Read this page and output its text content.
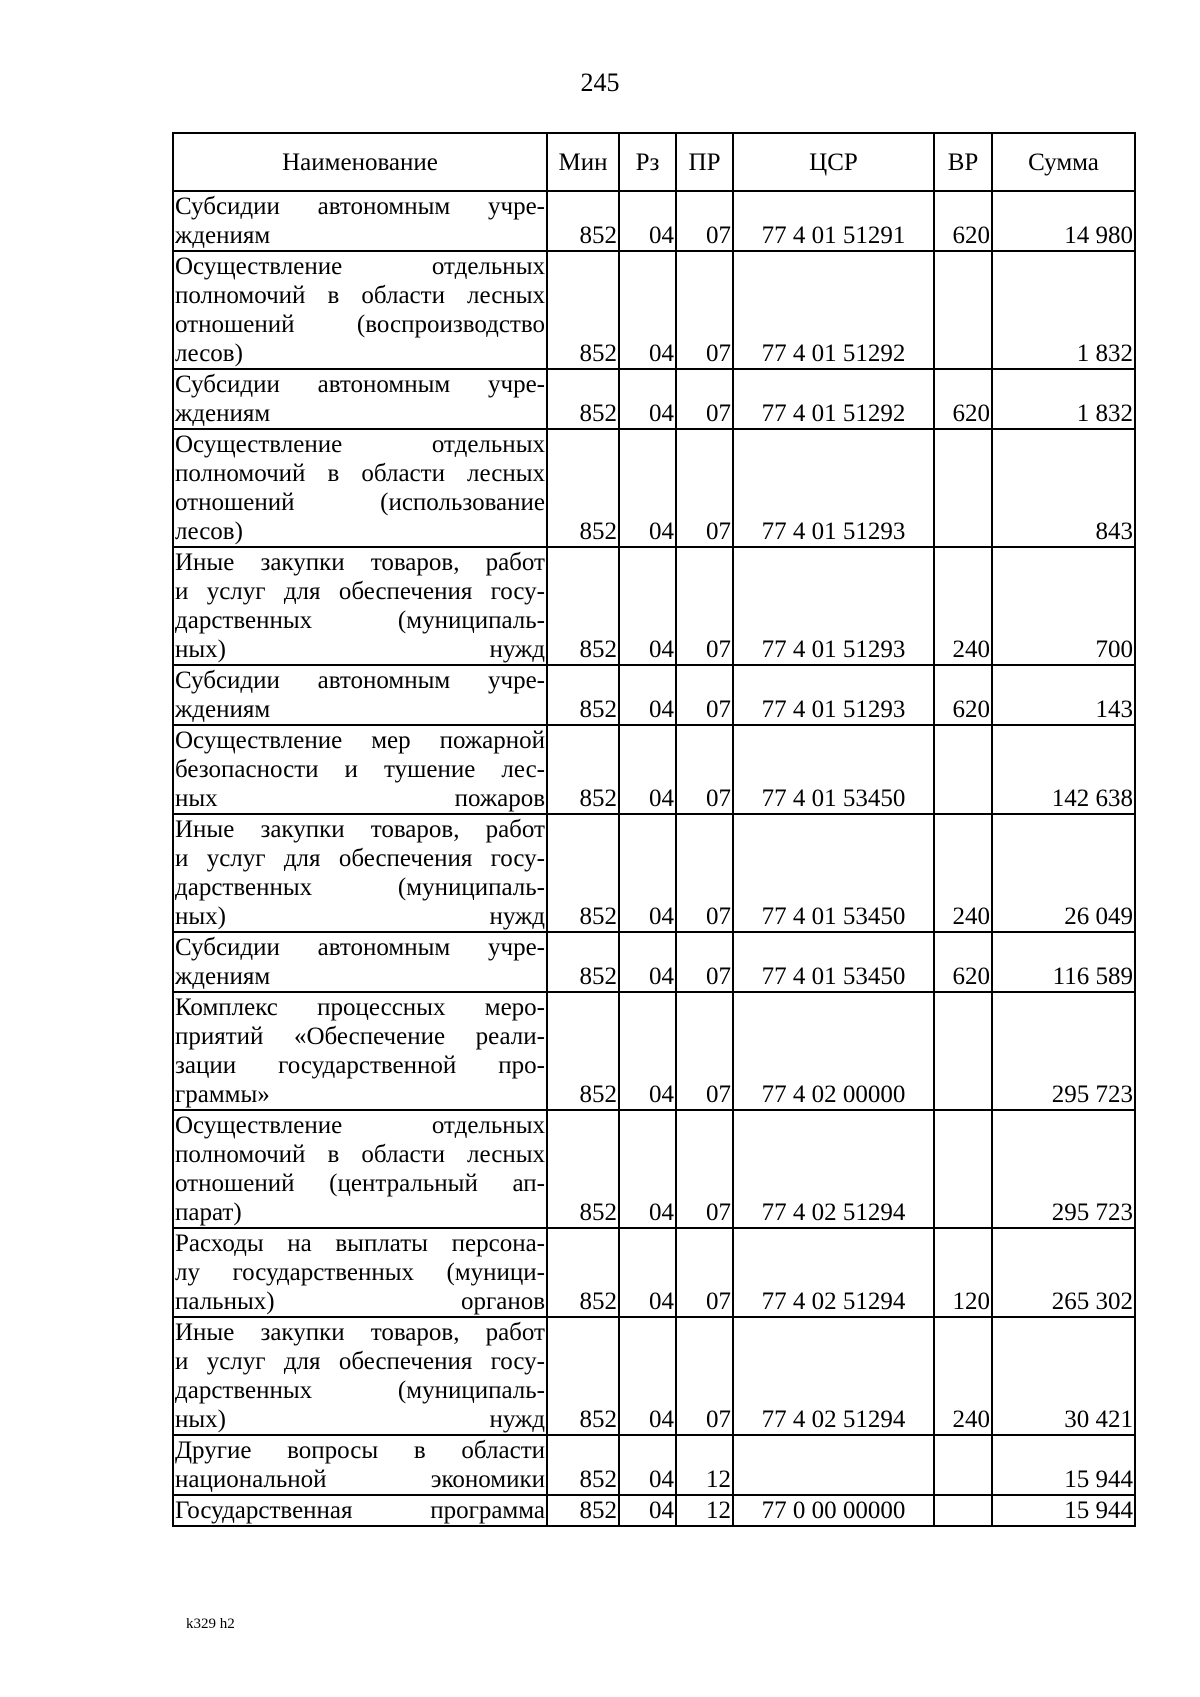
245
Наименование	Мин	Рз	ПР	ЦСР	ВР	Сумма
Субсидии автономным учре-
ждениям	852	04	07	77 4 01 51291	620	14 980
Осуществление отдельных
полномочий в области лесных
отношений (воспроизводство
лесов)	852	04	07	77 4 01 51292		1 832
Субсидии автономным учре-
ждениям	852	04	07	77 4 01 51292	620	1 832
Осуществление отдельных
полномочий в области лесных
отношений (использование
лесов)	852	04	07	77 4 01 51293		843
Иные закупки товаров, работ
и услуг для обеспечения госу-
дарственных (муниципаль-
ных) нужд	852	04	07	77 4 01 51293	240	700
Субсидии автономным учре-
ждениям	852	04	07	77 4 01 51293	620	143
Осуществление мер пожарной
безопасности и тушение лес-
ных пожаров	852	04	07	77 4 01 53450		142 638
Иные закупки товаров, работ
и услуг для обеспечения госу-
дарственных (муниципаль-
ных) нужд	852	04	07	77 4 01 53450	240	26 049
Субсидии автономным учре-
ждениям	852	04	07	77 4 01 53450	620	116 589
Комплекс процессных меро-
приятий «Обеспечение реали-
зации государственной про-
граммы»	852	04	07	77 4 02 00000		295 723
Осуществление отдельных
полномочий в области лесных
отношений (центральный ап-
парат)	852	04	07	77 4 02 51294		295 723
Расходы на выплаты персона-
лу государственных (муници-
пальных) органов	852	04	07	77 4 02 51294	120	265 302
Иные закупки товаров, работ
и услуг для обеспечения госу-
дарственных (муниципаль-
ных) нужд	852	04	07	77 4 02 51294	240	30 421
Другие вопросы в области
национальной экономики	852	04	12			15 944
Государственная программа	852	04	12	77 0 00 00000		15 944
k329 h2
